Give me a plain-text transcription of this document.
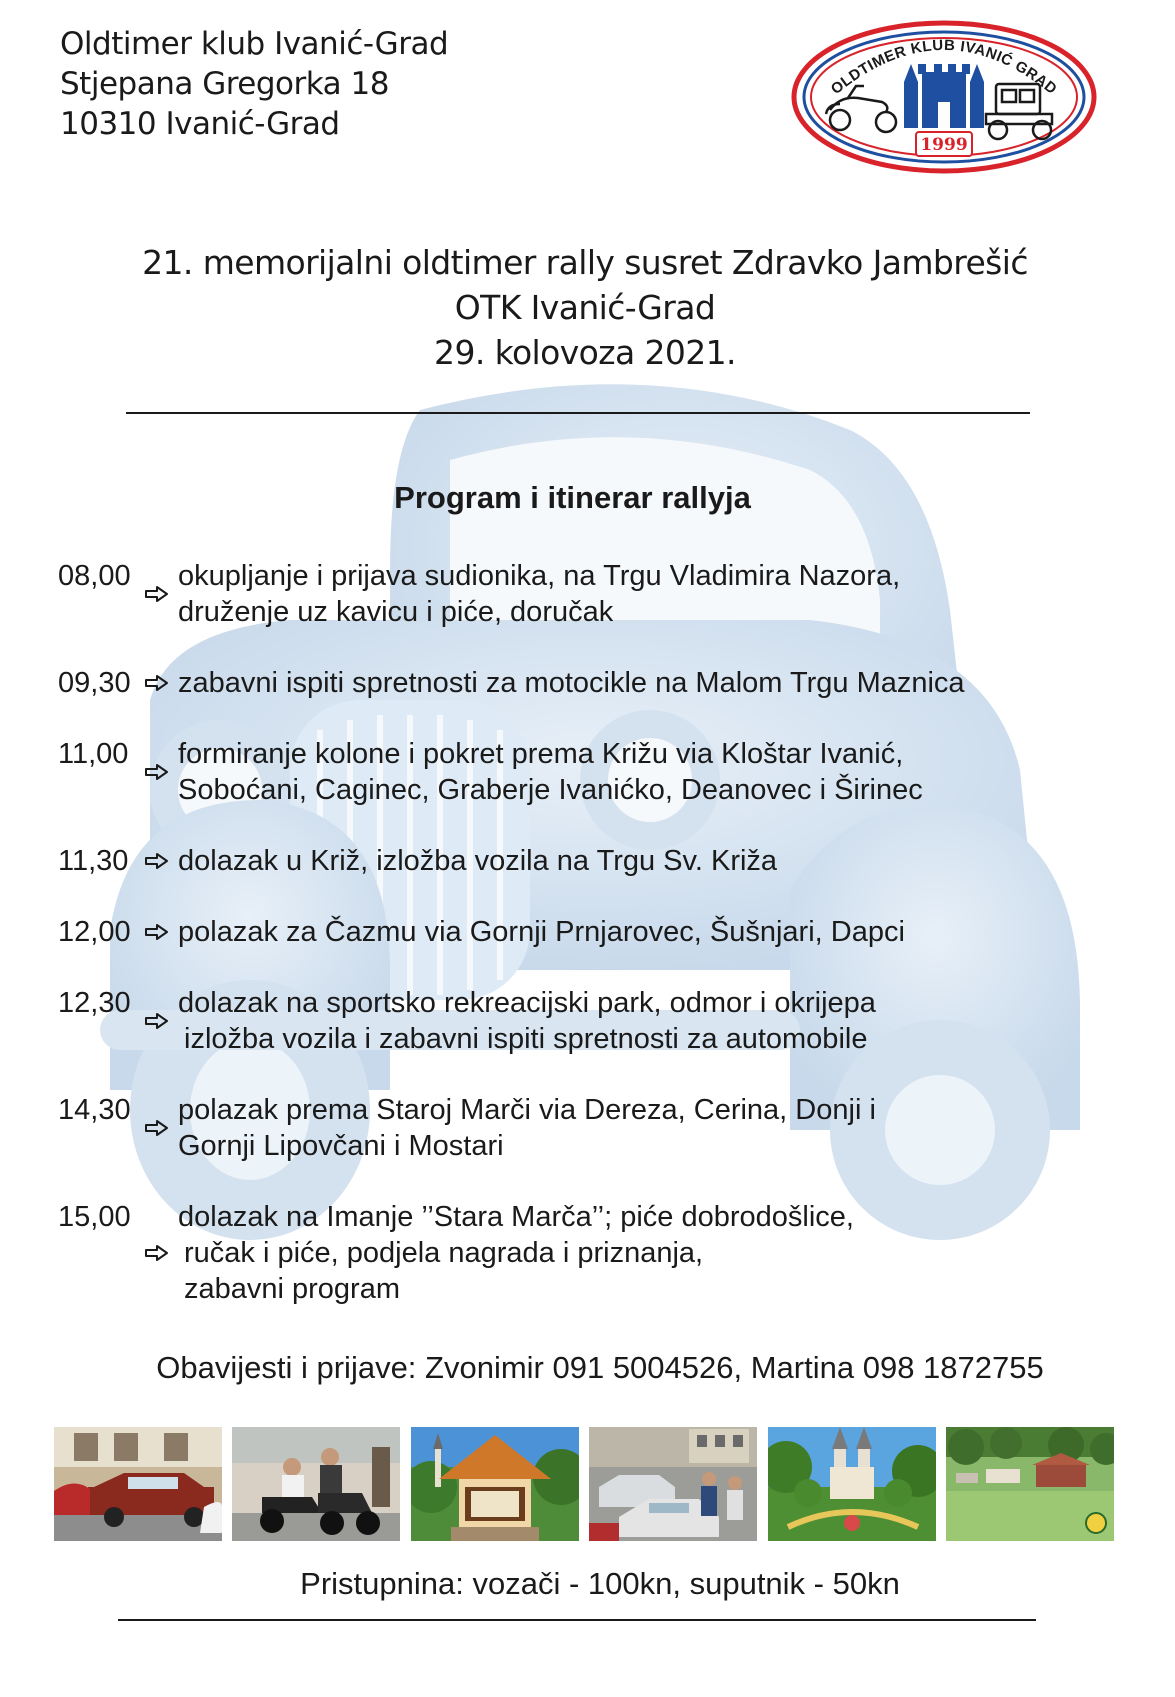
Oldtimer klub Ivanić-Grad
Stjepana Gregorka 18
10310 Ivanić-Grad
OLDTIMER KLUB IVANIĆ GRAD
1999
21. memorijalni oldtimer rally susret Zdravko Jambrešić
OTK Ivanić-Grad
29. kolovoza 2021.
Program i itinerar rallyja
08,00	okupljanje i prijava sudionika, na Trgu Vladimira Nazora,
druženje uz kavicu i piće, doručak
09,30	zabavni ispiti spretnosti za motocikle na Malom Trgu Maznica
11,00	formiranje kolone i pokret prema Križu via Kloštar Ivanić,
Sobоćani, Caginec, Graberje Ivanićko, Deanovec i Širinec
11,30	dolazak u Križ, izložba vozila na Trgu Sv. Križa
12,00	polazak za Čazmu via Gornji Prnjarovec, Šušnjari, Dapci
12,30	dolazak na sportsko rekreacijski park, odmor i okrijepa
izložba vozila i zabavni ispiti spretnosti za automobile
14,30	polazak prema Staroj Marči via Dereza, Cerina, Donji i
Gornji Lipovčani i Mostari
15,00	dolazak na Imanje ’’Stara Marča’’; piće dobrodošlice,
ručak i piće, podjela nagrada i priznanja,
zabavni program
Obavijesti i prijave: Zvonimir 091 5004526, Martina 098 1872755
Pristupnina: vozači - 100kn, suputnik - 50kn
